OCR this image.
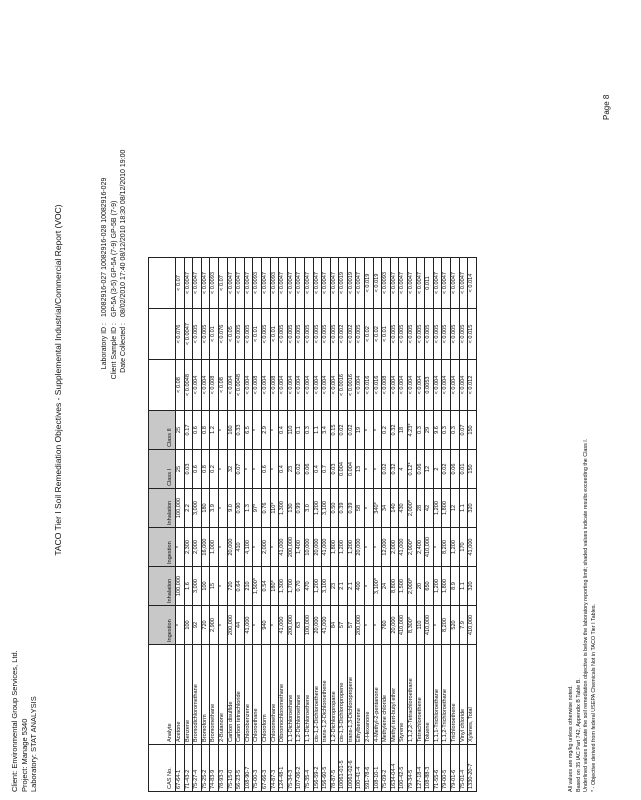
Client: Environmental Group Services, Ltd. Project: Manage 5340 Laboratory: STAT ANALYSIS
TACO Tier I Soil Remediation Objectives - Supplemental Industrial/Commercial Report (VOC)	Laboratory ID :
10082916-027 10082916-028 10082916-029
Client Sample ID :
GP-5A (3-5) GP-5A (7-9) GP-5B (7-9)
Date Collected :
08/02/2010 17:40 08/12/2010 18:30 08/12/2010 19:00
CAS No.	Analyte	Ingestion	Inhalation	Ingestion	Inhalation	Class I	Class II			
67-64-1	Acetone	*	100,000	*	100,000	25	25	< 0.08	< 0.076	< 0.07
71-43-2	Benzene	100	1.6	2,300	2.2	0.03	0.17	< 0.0048	< 0.0047	< 0.0047
75-27-4	Bromodichloromethane	92	3,000	2,000	3,000	0.6	0.6	< 0.004	< 0.005	< 0.0047
75-25-2	Bromoform	720	100	16,000	180	0.8	0.8	< 0.004	< 0.005	< 0.0047
74-83-9	Bromomethane	2,900	15	1,000	3.9	0.2	1.2	< 0.008	< 0.01	< 0.0093
78-93-3	2-Butanone	*	*	*	*	*	*	< 0.08	< 0.076	< 0.07
75-15-0	Carbon disulfide	200,000	720	20,000	9.0	32	160	< 0.004	< 0.05	< 0.0047
56-23-5	Carbon tetrachloride	44	0.64	410	0.90	0.07	0.33	< 0.0048	< 0.005	< 0.0047
108-90-7	Chlorobenzene	41,000	210	4,100	1.3	*	6.5	< 0.004	< 0.005	< 0.0047
75-00-3	Chloroethane	*	1,500*	*	97*	*	*	< 0.008	< 0.01	< 0.0093
67-66-3	Chloroform	940	0.54	2,000	0.76	0.6	2.9	< 0.004	< 0.005	< 0.0047
74-87-3	Chloromethane	*	180*	*	110*	*	*	< 0.008	< 0.01	< 0.0093
124-48-1	Dibromochloromethane	41,000	1,300	41,000	1,300	0.4	0.4	< 0.004	< 0.005	< 0.0047
75-34-3	1,1-Dichloroethane	200,000	1,700	200,000	130	23	110	< 0.004	< 0.005	< 0.0047
107-06-2	1,2-Dichloroethane	63	0.70	1,400	0.99	0.02	0.1	< 0.004	< 0.005	< 0.0047
75-35-4	1,1-Dichloroethene	100,000	470	10,000	3.0	0.06	0.3	< 0.004	< 0.005	< 0.0047
156-59-2	cis-1,2-Dichloroethene	20,000	1,200	20,000	1,200	0.4	1.1	< 0.004	< 0.005	< 0.0047
156-60-5	trans-1,2-Dichloroethene	41,000	3,100	41,000	3,100	0.7	3.4	< 0.004	< 0.005	< 0.0047
78-87-5	1,2-Dichloropropane	84	23	1,800	0.50	0.03	0.15	< 0.004	< 0.005	< 0.0047
10061-01-5	cis-1,3-Dichloropropene	57	2.1	1,200	0.39	0.004	0.02	< 0.0016	< 0.002	< 0.0019
10061-02-6	trans-1,3-Dichloropropene	57	2.1	1,200	0.39	0.004	0.02	< 0.0016	< 0.002	< 0.0019
100-41-4	Ethylbenzene	200,000	400	20,000	58	13	19	< 0.004	< 0.005	< 0.0047
591-78-6	2-Hexanone	*	*	*	*	*	*	< 0.016	< 0.02	< 0.019
108-10-1	4-Methyl-2-pentanone	*	3,100*	*	340*	*	*	< 0.016	< 0.02	< 0.019
75-09-2	Methylene chloride	760	24	12,000	34	0.02	0.2	< 0.008	< 0.01	< 0.0093
1634-04-4	Methyl tert-butyl ether	20,000	8,800	2,000	140	0.32	0.32	< 0.004	< 0.005	< 0.0047
100-42-5	Styrene	410,000	1,500	41,000	430	4	18	< 0.004	< 0.005	< 0.0047
79-34-5	1,1,2,2-Tetrachloroethane	8,300*	2,000*	2,000*	2,000*	0.12*	4.23*	< 0.004	< 0.005	< 0.0047
127-18-4	Tetrachloroethene	110	20	2,400	28	0.06	0.3	< 0.004	< 0.005	< 0.0047
108-88-3	Toluene	410,000	650	410,000	42	12	29	0.0053	< 0.005	0.011
71-55-6	1,1,1-Trichloroethane	*	1,200	*	1,200	2	9.6	< 0.004	< 0.005	< 0.0047
79-00-5	1,1,2-Trichloroethane	8,200	1,800	8,200	1,800	0.02	0.3	< 0.004	< 0.005	< 0.0047
79-01-6	Trichloroethene	520	8.9	1,200	12	0.06	0.3	< 0.004	< 0.005	< 0.0047
75-01-4	Vinyl chloride	7.9	1.1	170	1.1	0.01	0.07	< 0.004	< 0.005	< 0.0047
1330-20-7	Xylenes, Total	410,000	320	41,000	320	150	150	< 0.012	< 0.015	< 0.014
All values are mg/kg unless otherwise noted. Based on 35 IAC Part 742, Appendix B Table B. Underlined values indicate the soil remediation objective is below the laboratory reporting limit; shaded values indicate results exceeding the Class I. * - Objective derived from federal USEPA Chemicals Not in TACO Tier I Tables.
Page 8
